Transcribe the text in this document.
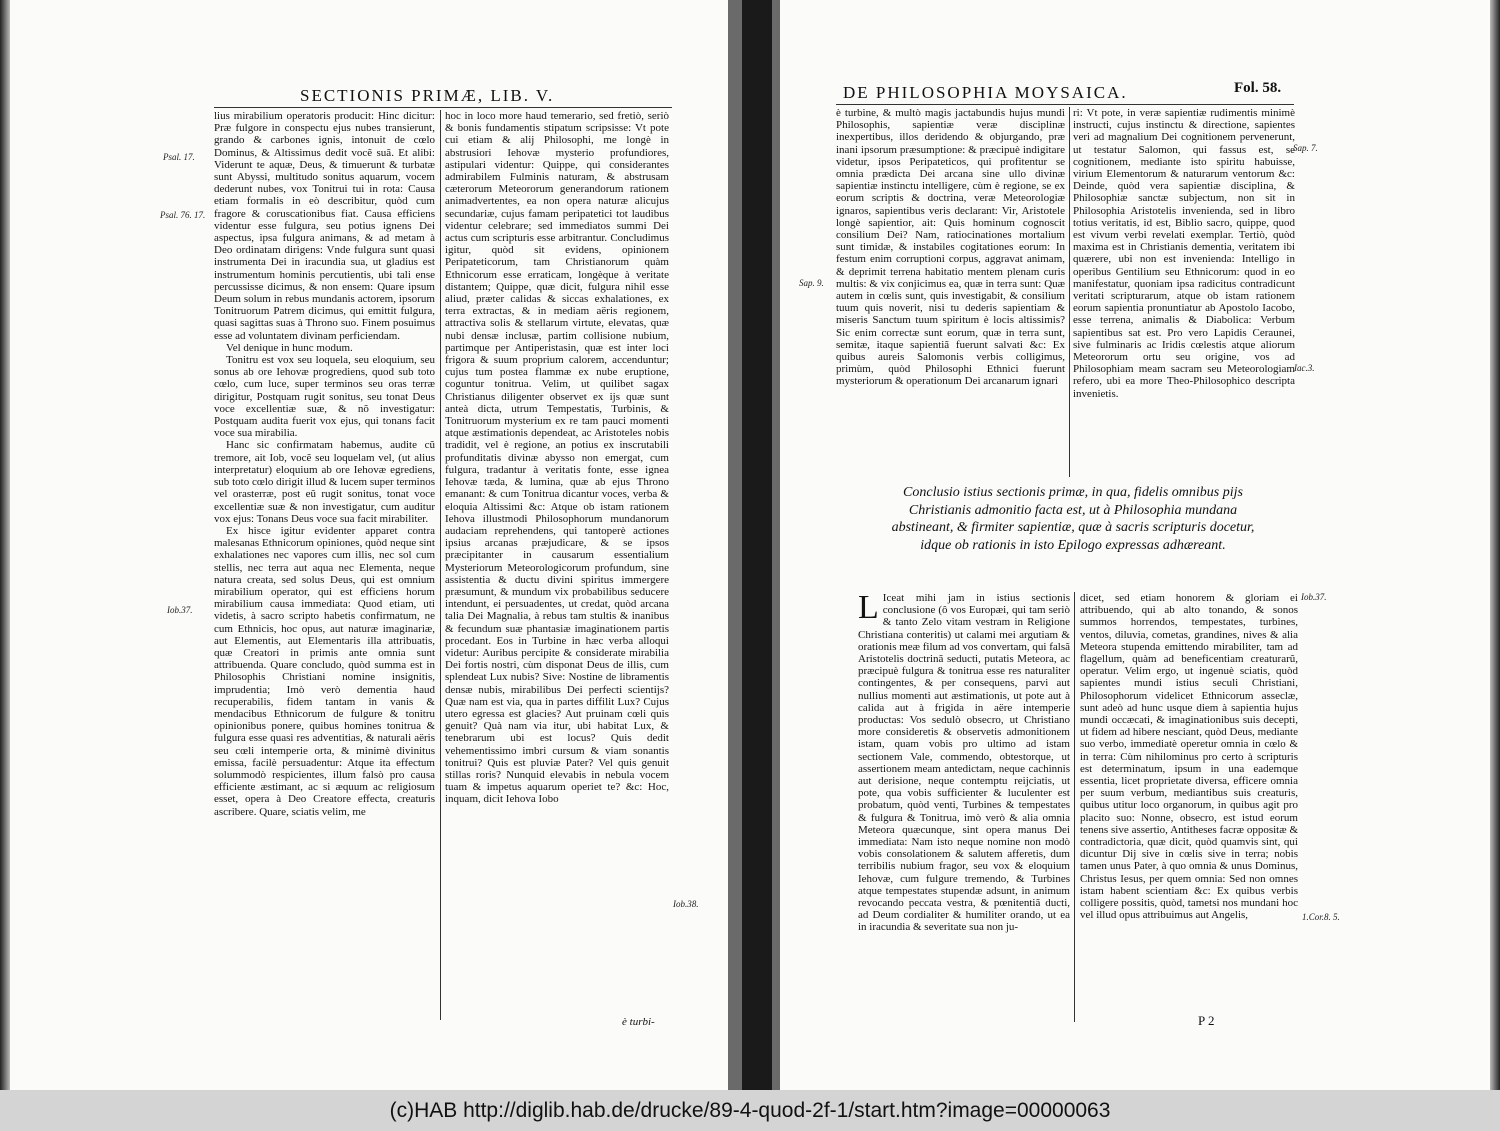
SECTIONIS PRIMÆ, LIB. V.

lius mirabilium operatoris producit: Hinc dicitur: Præ fulgore in conspectu ejus nubes transierunt, grando & carbones ignis, intonuit de cœlo Dominus, & Altissimus dedit vocẽ suã. Et alibi: Viderunt te aquæ, Deus, & timuerunt & turbatæ sunt Abyssi, multitudo sonitus aquarum, vocem dederunt nubes, vox Tonitrui tui in rota: Causa etiam formalis in eò describitur, quòd cum fragore & coruscationibus fiat. Causa efficiens videntur esse fulgura, seu potius ignens Dei aspectus, ipsa fulgura animans, & ad metam à Deo ordinatam dirigens: Vnde fulgura sunt quasi instrumenta Dei in iracundia sua, ut gladius est instrumentum hominis percutientis, ubi tali ense percussisse dicimus, & non ensem: Quare ipsum Deum solum in rebus mundanis actorem, ipsorum Tonitruorum Patrem dicimus, qui emittit fulgura, quasi sagittas suas à Throno suo. Finem posuimus esse ad voluntatem divinam perficiendam.

Vel denique in hunc modum.

Tonitru est vox seu loquela, seu eloquium, seu sonus ab ore Iehovæ progrediens, quod sub toto cœlo, cum luce, super terminos seu oras terræ dirigitur, Postquam rugit sonitus, seu tonat Deus voce excellentiæ suæ, & nõ investigatur: Postquam audita fuerit vox ejus, qui tonans facit voce sua mirabilia.

Hanc sic confirmatam habemus, audite cũ tremore, ait Iob, vocẽ seu loquelam vel, (ut alius interpretatur) eloquium ab ore Iehovæ egrediens, sub toto cœlo dirigit illud & lucem super terminos vel orasterræ, post eũ rugit sonitus, tonat voce excellentiæ suæ & non investigatur, cum auditur vox ejus: Tonans Deus voce sua facit mirabiliter.

Ex hisce igitur evidenter apparet contra malesanas Ethnicorum opiniones, quòd neque sint exhalationes nec vapores cum illis, nec sol cum stellis, nec terra aut aqua nec Elementa, neque natura creata, sed solus Deus, qui est omnium mirabilium operator, qui est efficiens horum mirabilium causa immediata: Quod etiam, uti videtis, à sacro scripto habetis confirmatum, ne cum Ethnicis, hoc opus, aut naturæ imaginariæ, aut Elementis, aut Elementaris illa attribuatis, quæ Creatori in primis ante omnia sunt attribuenda. Quare concludo, quòd summa est in Philosophis Christiani nomine insignitis, imprudentia; Imò verò dementia haud recuperabilis, fidem tantam in vanis & mendacibus Ethnicorum de fulgure & tonitru opinionibus ponere, quibus homines tonitrua & fulgura esse quasi res adventitias, & naturali aëris seu cœli intemperie orta, & minimè divinitus emissa, facilè persuadentur: Atque ita effectum solummodò respicientes, illum falsò pro causa efficiente æstimant, ac si æquum ac religiosum esset, opera à Deo Creatore effecta, creaturis ascribere. Quare, sciatis velim, me

hoc in loco more haud temerario, sed fretiò, seriò & bonis fundamentis stipatum scripsisse: Vt pote cui etiam & alij Philosophi, me longè in abstrusiori Iehovæ mysterio profundiores, astipulari videntur: Quippe, qui considerantes admirabilem Fulminis naturam, & abstrusam cæterorum Meteororum generandorum rationem animadvertentes, ea non opera naturæ alicujus secundariæ, cujus famam peripatetici tot laudibus videntur celebrare; sed immediatos summi Dei actus cum scripturis esse arbitrantur. Concludimus igitur, quòd sit evidens, opinionem Peripateticorum, tam Christianorum quàm Ethnicorum esse erraticam, longèque à veritate distantem; Quippe, quæ dicit, fulgura nihil esse aliud, præter calidas & siccas exhalationes, ex terra extractas, & in mediam aëris regionem, attractiva solis & stellarum virtute, elevatas, quæ nubi densæ inclusæ, partim collisione nubium, partimque per Antiperistasin, quæ est inter loci frigora & suum proprium calorem, accenduntur; cujus tum postea flammæ ex nube eruptione, coguntur tonitrua. Velim, ut quilibet sagax Christianus diligenter observet ex ijs quæ sunt anteà dicta, utrum Tempestatis, Turbinis, & Tonitruorum mysterium ex re tam pauci momenti atque æstimationis dependeat, ac Aristoteles nobis tradidit, vel è regione, an potius ex inscrutabili profunditatis divinæ abysso non emergat, cum fulgura, tradantur à veritatis fonte, esse ignea Iehovæ tæda, & lumina, quæ ab ejus Throno emanant: & cum Tonitrua dicantur voces, verba & eloquia Altissimi &c: Atque ob istam rationem Iehova illustmodi Philosophorum mundanorum audaciam reprehendens, qui tantoperè actiones ipsius arcanas præjudicare, & se ipsos præcipitanter in causarum essentialium Mysteriorum Meteorologicorum profundum, sine assistentia & ductu divini spiritus immergere præsumunt, & mundum vix probabilibus seducere intendunt, ei persuadentes, ut credat, quòd arcana talia Dei Magnalia, à rebus tam stultis & inanibus & fecundum suæ phantasiæ imaginationem partis procedant. Eos in Turbine in hæc verba alloqui videtur: Auribus percipite & considerate mirabilia Dei fortis nostri, cùm disponat Deus de illis, cum splendeat Lux nubis? Sive: Nostine de libramentis densæ nubis, mirabilibus Dei perfecti scientijs? Quæ nam est via, qua in partes diffilit Lux? Cujus utero egressa est glacies? Aut pruinam cœli quis genuit? Quà nam via itur, ubi habitat Lux, & tenebrarum ubi est locus? Quis dedit vehementissimo imbri cursum & viam sonantis tonitrui? Quis est pluviæ Pater? Vel quis genuit stillas roris? Nunquid elevabis in nebula vocem tuam & impetus aquarum operiet te? &c: Hoc, inquam, dicit Iehova Iobo

è turbi-
Psal. 17.
Psal. 76. 17.
Iob.37.
Iob.38.
DE PHILOSOPHIA MOYSAICA.	Fol. 58.

è turbine, & multò magis jactabundis hujus mundi Philosophis, sapientiæ veræ disciplinæ inexpertibus, illos deridendo & objurgando, præ inani ipsorum præsumptione: & præcipuè indigitare videtur, ipsos Peripateticos, qui profitentur se omnia prædicta Dei arcana sine ullo divinæ sapientiæ instinctu intelligere, cùm è regione, se ex eorum scriptis & doctrina, veræ Meteorologiæ ignaros, sapientibus veris declarant: Vir, Aristotele longè sapientior, ait: Quis hominum cognoscit consilium Dei? Nam, ratiocinationes mortalium sunt timidæ, & instabiles cogitationes eorum: In festum enim corruptioni corpus, aggravat animam, & deprimit terrena habitatio mentem plenam curis multis: & vix conjicimus ea, quæ in terra sunt: Quæ autem in cœlis sunt, quis investigabit, & consilium tuum quis noverit, nisi tu dederis sapientiam & miseris Sanctum tuum spiritum è locis altissimis? Sic enim correctæ sunt eorum, quæ in terra sunt, semitæ, itaque sapientiã fuerunt salvati &c: Ex quibus aureis Salomonis verbis colligimus, primùm, quòd Philosophi Ethnici fuerunt mysteriorum & operationum Dei arcanarum ignari

ri: Vt pote, in veræ sapientiæ rudimentis minimè instructi, cujus instinctu & directione, sapientes veri ad magnalium Dei cognitionem pervenerunt, ut testatur Salomon, qui fassus est, se cognitionem, mediante isto spiritu habuisse, virium Elementorum & naturarum ventorum &c: Deinde, quòd vera sapientiæ disciplina, & Philosophiæ sanctæ subjectum, non sit in Philosophia Aristotelis invenienda, sed in libro totius veritatis, id est, Biblio sacro, quippe, quod est vivum verbi revelati exemplar. Tertiò, quòd maxima est in Christianis dementia, veritatem ibi quærere, ubi non est invenienda: Intelligo in operibus Gentilium seu Ethnicorum: quod in eo manifestatur, quoniam ipsa radicitus contradicunt veritati scripturarum, atque ob istam rationem eorum sapientia pronuntiatur ab Apostolo Iacobo, esse terrena, animalis & Diabolica: Verbum sapientibus sat est. Pro vero Lapidis Ceraunei, sive fulminaris ac Iridis cœlestis atque aliorum Meteororum ortu seu origine, vos ad Philosophiam meam sacram seu Meteorologiam refero, ubi ea more Theo-Philosophico descripta invenietis.

Conclusio istius sectionis primæ, in qua, fidelis omnibus pijs Christianis admonitio facta est, ut à Philosophia mundana abstineant, & firmiter sapientiæ, quæ à sacris scripturis docetur, idque ob rationis in isto Epilogo expressas adhæreant.
L Iceat mihi jam in istius sectionis conclusione (ô vos Europæi, qui tam seriò & tanto Zelo vitam vestram in Religione Christiana conteritis) ut calami mei argutiam & orationis meæ filum ad vos convertam, qui falsã Aristotelis doctrinã seducti, putatis Meteora, ac præcipuè fulgura & tonitrua esse res naturaliter contingentes, & per consequens, parvi aut nullius momenti aut æstimationis, ut pote aut à calida aut à frigida in aëre intemperie productas: Vos sedulò obsecro, ut Christiano more consideretis & observetis admonitionem istam, quam vobis pro ultimo ad istam sectionem Vale, commendo, obtestorque, ut assertionem meam antedictam, neque cachinnis aut derisione, neque contemptu reijciatis, ut pote, qua vobis sufficienter & luculenter est probatum, quòd venti, Turbines & tempestates & fulgura & Tonitrua, imò verò & alia omnia Meteora quæcunque, sint opera manus Dei immediata: Nam isto neque nomine non modò vobis consolationem & salutem afferetis, dum terribilis nubium fragor, seu vox & eloquium Iehovæ, cum fulgure tremendo, & Turbines atque tempestates stupendæ adsunt, in animum revocando peccata vestra, & pœnitentiã ducti, ad Deum cordialiter & humiliter orando, ut ea in iracundia & severitate sua non ju-

dicet, sed etiam honorem & gloriam ei attribuendo, qui ab alto tonando, & sonos summos horrendos, tempestates, turbines, ventos, diluvia, cometas, grandines, nives & alia Meteora stupenda emittendo mirabiliter, tam ad flagellum, quàm ad beneficentiam creaturarũ, operatur. Velim ergo, ut ingenuè sciatis, quòd sapientes mundi istius seculi Christiani, Philosophorum videlicet Ethnicorum asseclæ, sunt adeò ad hunc usque diem à sapientia hujus mundi occæcati, & imaginationibus suis decepti, ut fidem ad hibere nesciant, quòd Deus, mediante suo verbo, immediatè operetur omnia in cœlo & in terra: Cùm nihilominus pro certo à scripturis est determinatum, ipsum in una eademque essentia, licet proprietate diversa, efficere omnia per suum verbum, mediantibus suis creaturis, quibus utitur loco organorum, in quibus agit pro placito suo: Nonne, obsecro, est istud eorum tenens sive assertio, Antitheses facræ oppositæ & contradictoria, quæ dicit, quòd quamvis sint, qui dicuntur Dij sive in cœlis sive in terra; nobis tamen unus Pater, à quo omnia & unus Dominus, Christus Iesus, per quem omnia: Sed non omnes istam habent scientiam &c: Ex quibus verbis colligere possitis, quòd, tametsi nos mundani hoc vel illud opus attribuimus aut Angelis,

P 2
Sap. 7.
Sap. 9.
Iac.3.
Iob.37.
1.Cor.8. 5.
(c)HAB http://diglib.hab.de/drucke/89-4-quod-2f-1/start.htm?image=00000063
